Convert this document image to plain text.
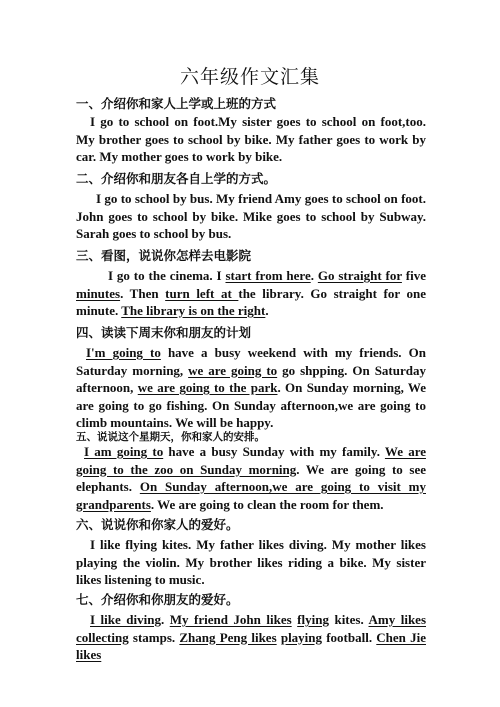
六年级作文汇集
一、介绍你和家人上学或上班的方式
I go to school on foot.My sister goes to school on foot,too. My brother goes to school by bike. My father goes to work by car. My mother goes to work by bike.
二、介绍你和朋友各自上学的方式。
I go to school by bus. My friend Amy goes to school on foot. John goes to school by bike. Mike goes to school by Subway. Sarah goes to school by bus.
三、看图，说说你怎样去电影院
I go to the cinema. I start from here. Go straight for five minutes. Then turn left at the library. Go straight for one minute. The library is on the right.
四、读读下周末你和朋友的计划
I'm going to have a busy weekend with my friends. On Saturday morning, we are going to go shpping. On Saturday afternoon, we are going to the park. On Sunday morning, We are going to go fishing. On Sunday afternoon,we are going to climb mountains. We will be happy.
五、说说这个星期天，你和家人的安排。
I am going to have a busy Sunday with my family. We are going to the zoo on Sunday morning. We are going to see elephants. On Sunday afternoon,we are going to visit my grandparents. We are going to clean the room for them.
六、说说你和你家人的爱好。
I like flying kites. My father likes diving. My mother likes playing the violin. My brother likes riding a bike. My sister likes listening to music.
七、介绍你和你朋友的爱好。
I like diving. My friend John likes flying kites. Amy likes collecting stamps. Zhang Peng likes playing football. Chen Jie likes
